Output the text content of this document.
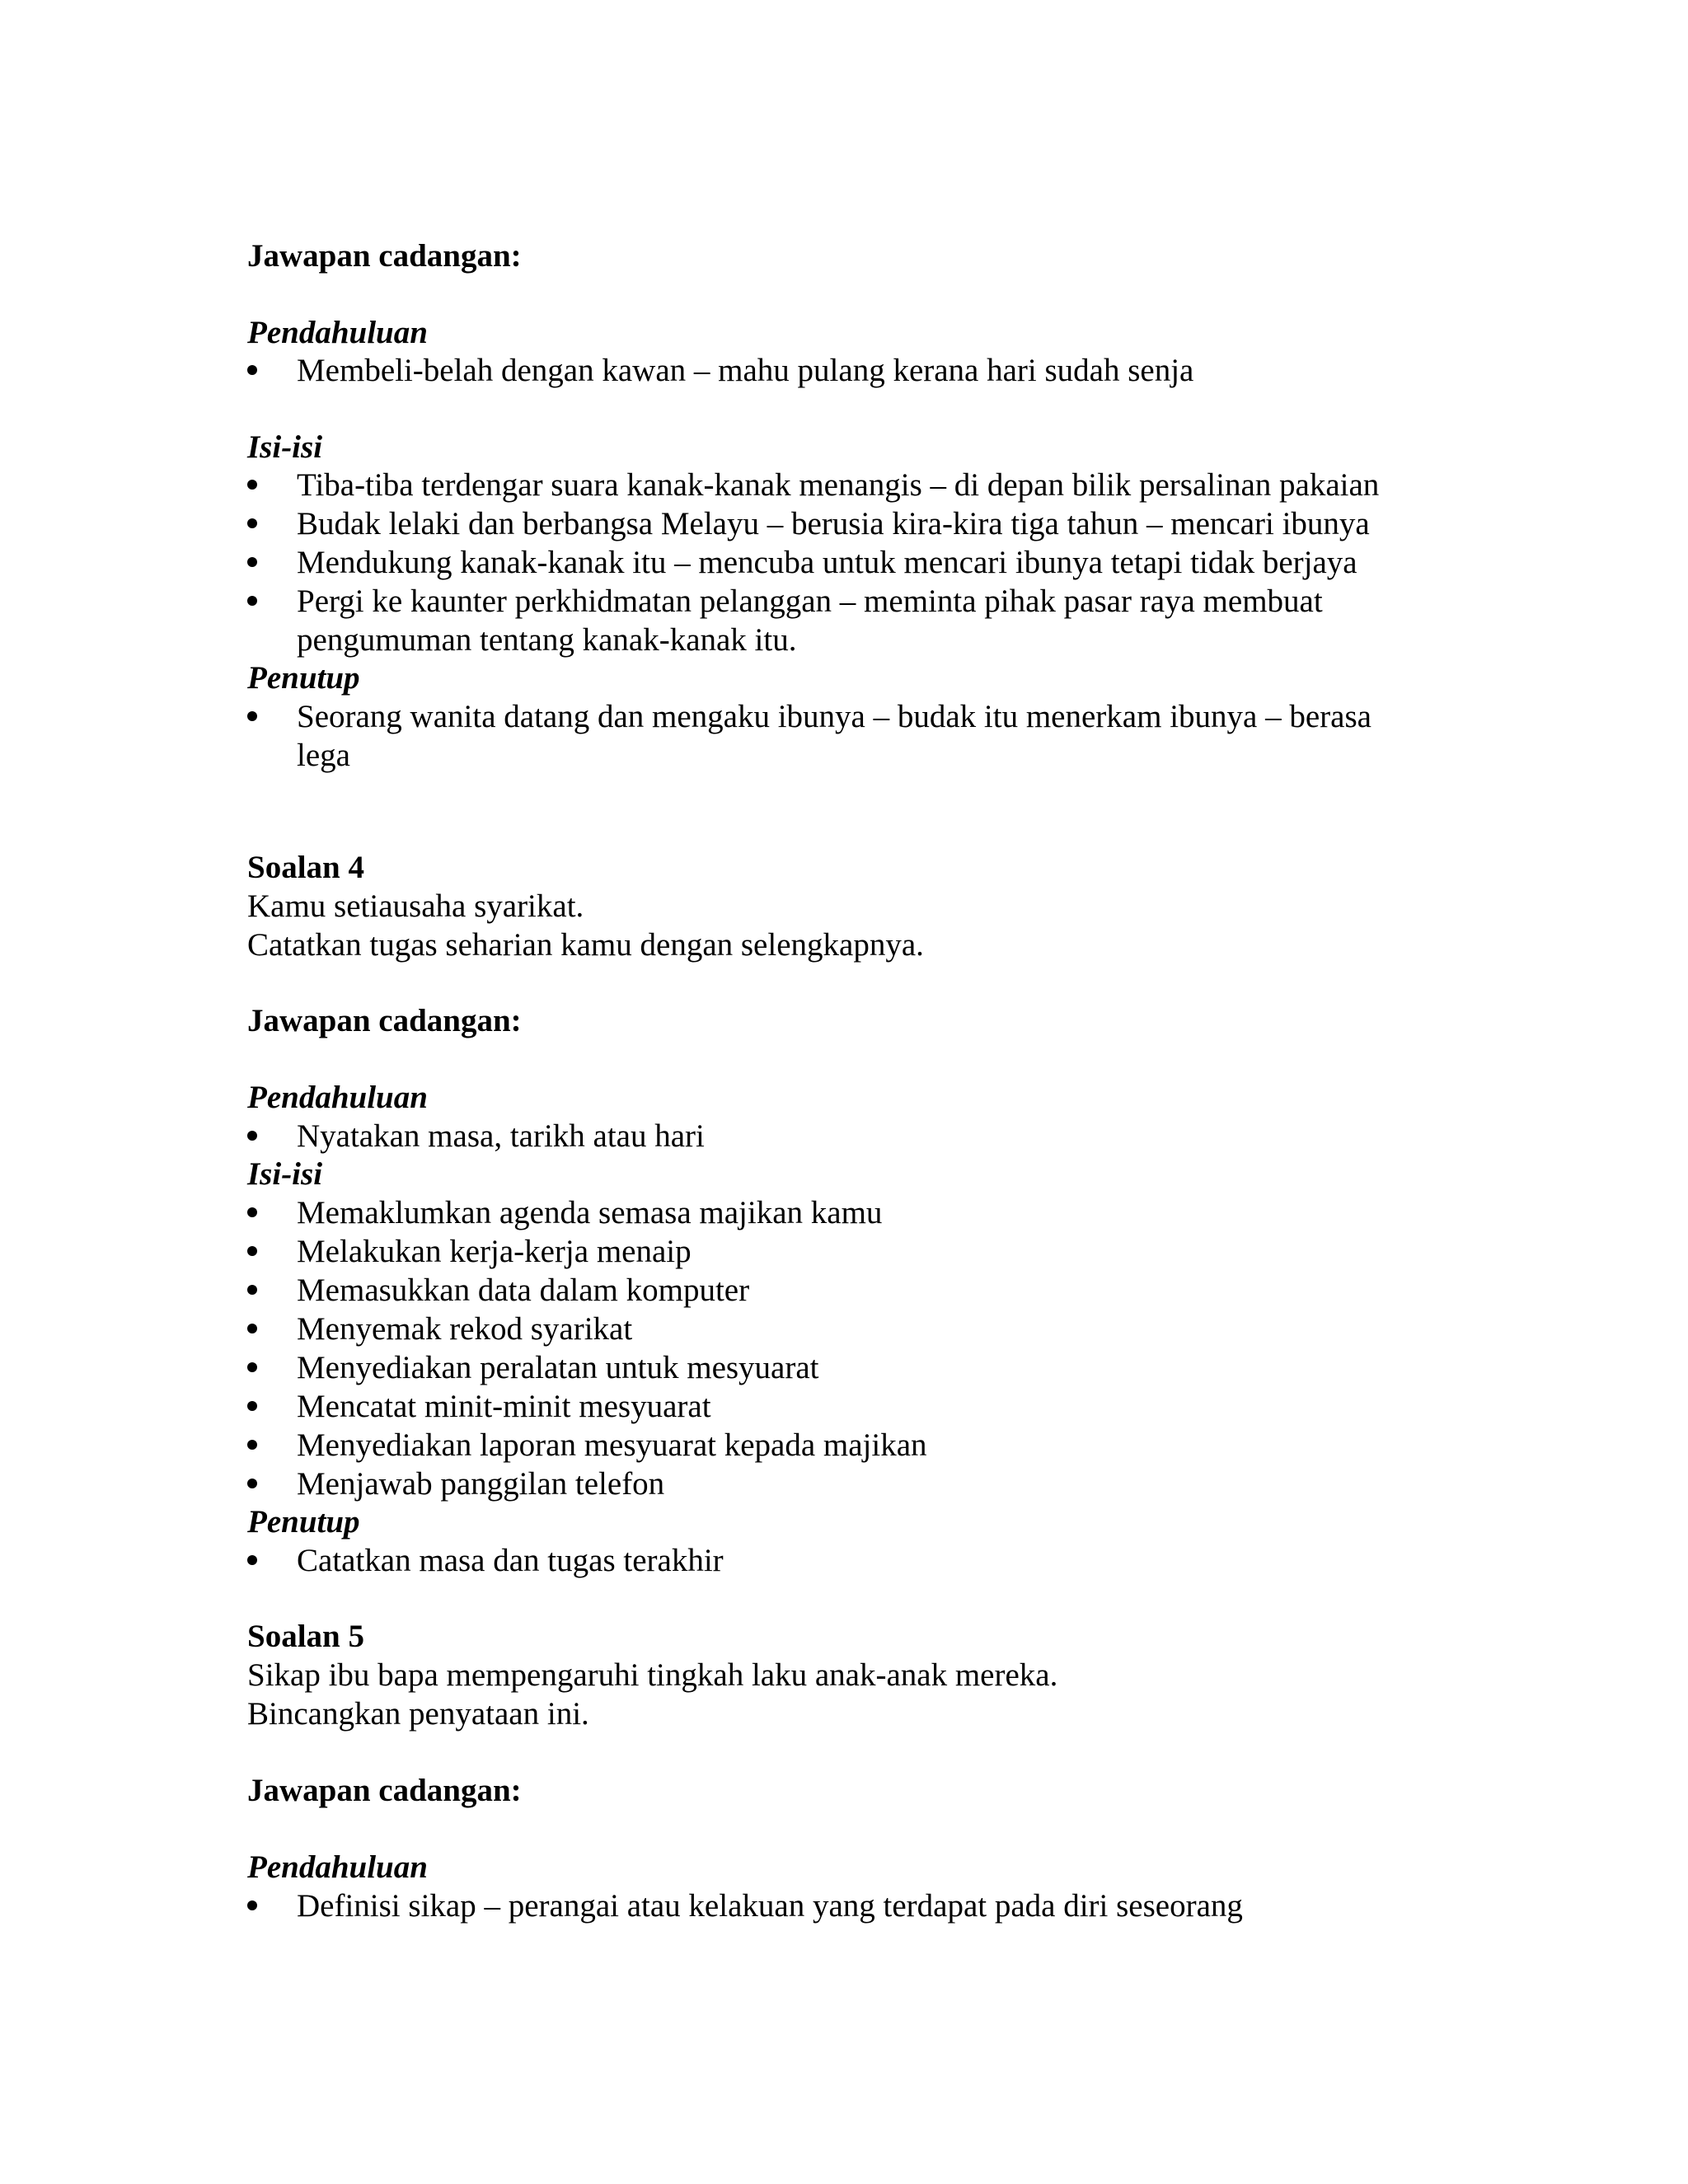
Jawapan cadangan:
Pendahuluan
Membeli-belah dengan kawan – mahu pulang kerana hari sudah senja
Isi-isi
Tiba-tiba terdengar suara kanak-kanak menangis – di depan bilik persalinan pakaian
Budak lelaki dan berbangsa Melayu – berusia kira-kira tiga tahun – mencari ibunya
Mendukung kanak-kanak itu – mencuba untuk mencari ibunya tetapi tidak berjaya
Pergi ke kaunter perkhidmatan pelanggan – meminta pihak pasar raya membuat
pengumuman tentang kanak-kanak itu.
Penutup
Seorang wanita datang dan mengaku ibunya – budak itu menerkam ibunya – berasa
lega
Soalan 4
Kamu setiausaha syarikat.
Catatkan tugas seharian kamu dengan selengkapnya.
Jawapan cadangan:
Pendahuluan
Nyatakan masa, tarikh atau hari
Isi-isi
Memaklumkan agenda semasa majikan kamu
Melakukan kerja-kerja menaip
Memasukkan data dalam komputer
Menyemak rekod syarikat
Menyediakan peralatan untuk mesyuarat
Mencatat minit-minit mesyuarat
Menyediakan laporan mesyuarat kepada majikan
Menjawab panggilan telefon
Penutup
Catatkan masa dan tugas terakhir
Soalan 5
Sikap ibu bapa mempengaruhi tingkah laku anak-anak mereka.
Bincangkan penyataan ini.
Jawapan cadangan:
Pendahuluan
Definisi sikap – perangai atau kelakuan yang terdapat pada diri seseorang
